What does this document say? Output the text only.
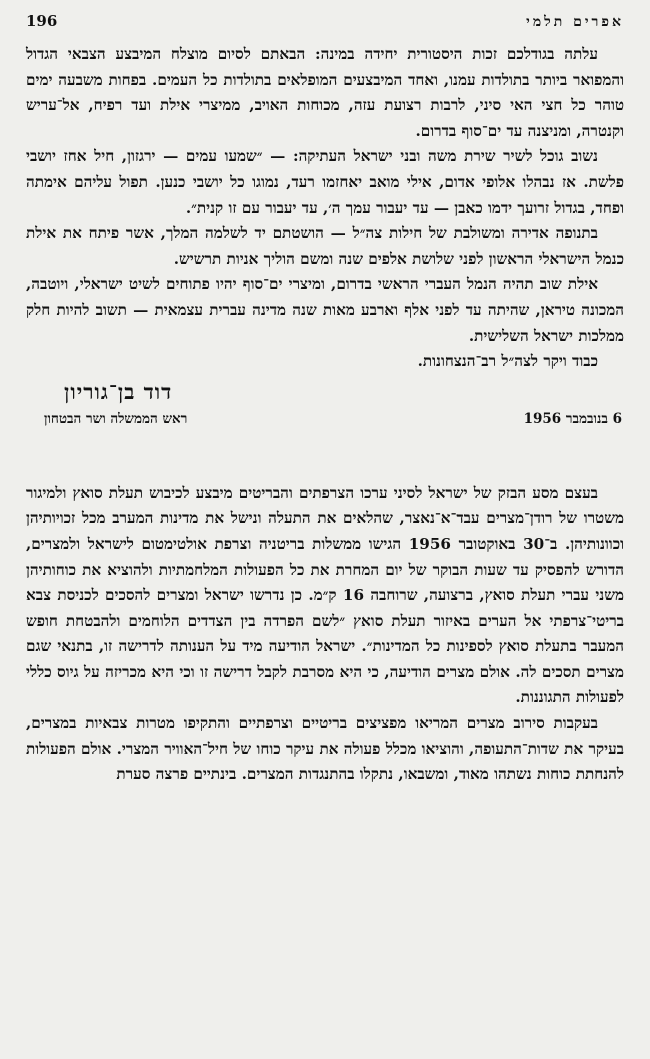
196	אפרים תלמי

עלתה בגודלכם זכות היסטורית יחידה במינה: הבאתם לסיום מוצלח המיבצע הצבאי הגדול והמפואר ביותר בתולדות עמנו, ואחד המיבצעים המופלאים בתולדות כל העמים. בפחות משבעה ימים טוהר כל חצי האי סיני, לרבות רצועת עזה, מכוחות האויב, ממיצרי אילת ועד רפיח, אל־עריש וקנטרה, ומניצנה עד ים־סוף בדרום.

נשוב גוכל לשיר שירת משה ובני ישראל העתיקה: — ״שמעו עמים — ירגזון, חיל אחז יושבי פלשת. אז נבהלו אלופי אדום, אילי מואב יאחזמו רעד, נמוגו כל יושבי כנען. תפול עליהם אימתה ופחד, בגדול זרועך ידמו כאבן — עד יעבור עמך ה׳, עד יעבור עם זו קנית״.

בתנופה אדירה ומשולבת של חילות צה״ל — הושטתם יד לשלמה המלך, אשר פיתח את אילת כנמל הישראלי הראשון לפני שלושת אלפים שנה ומשם הוליך אניות תרשיש.

אילת שוב תהיה הנמל העברי הראשי בדרום, ומיצרי ים־סוף יהיו פתוחים לשיט ישראלי, ויוטבה, המכונה טיראן, שהיתה עד לפני אלף וארבע מאות שנה מדינה עברית עצמאית — תשוב להיות חלק ממלכות ישראל השלישית.

כבוד ויקר לצה״ל רב־הנצחונות.

דוד בן־גוריון
6 בנובמבר 1956
ראש הממשלה ושר הבטחון

בעצם מסע הבזק של ישראל לסיני ערכו הצרפתים והבריטים מיבצע לכיבוש תעלת סואץ ולמיגור משטרו של רודן־מצרים עבד־א־נאצר, שהלאים את התעלה ונישל את מדינות המערב מכל זכויותיהן וכוונותיהן. ב־30 באוקטובר 1956 הגישו ממשלות בריטניה וצרפת אולטימטום לישראל ולמצרים, הדורש להפסיק עד שעות הבוקר של יום המחרת את כל הפעולות המלחמתיות ולהוציא את כוחותיהן משני עברי תעלת סואץ, ברצועה, שרוחבה 16 ק״מ. כן נדרשו ישראל ומצרים להסכים לכניסת צבא בריטי־צרפתי אל הערים באיזור תעלת סואץ ״לשם הפרדה בין הצדדים הלוחמים ולהבטחת חופש המעבר בתעלת סואץ לספינות כל המדינות״. ישראל הודיעה מיד על הענותה לדרישה זו, בתנאי שגם מצרים תסכים לה. אולם מצרים הודיעה, כי היא מסרבת לקבל דרישה זו וכי היא מכריזה על גיוס כללי לפעולות התגוננות.

בעקבות סירוב מצרים המריאו מפציצים בריטיים וצרפתיים והתקיפו מטרות צבאיות במצרים, בעיקר את שדות־התעופה, והוציאו מכלל פעולה את עיקר כוחו של חיל־האוויר המצרי. אולם הפעולות להנחתת כוחות נשתהו מאוד, ומשבאו, נתקלו בהתנגדות המצרים. בינתיים פרצה סערת
